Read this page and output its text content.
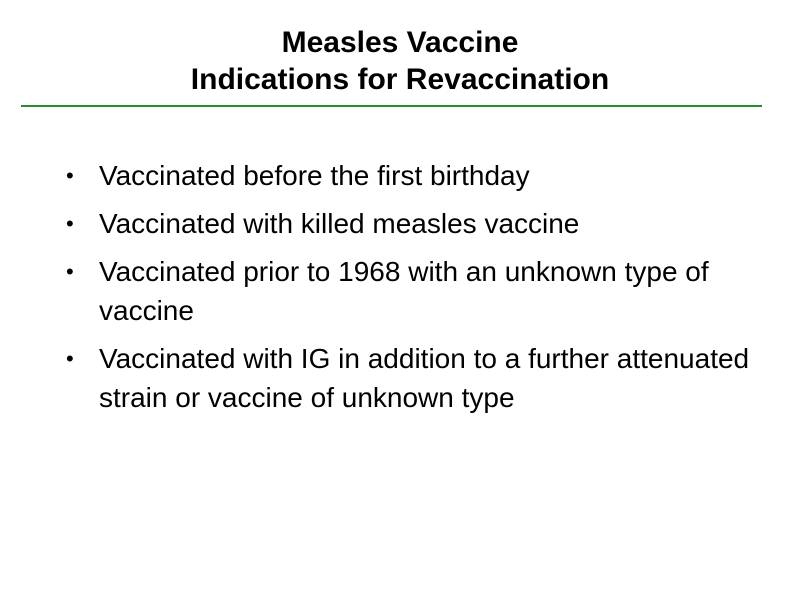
Measles Vaccine
Indications for Revaccination
• Vaccinated before the first birthday
• Vaccinated with killed measles vaccine
• Vaccinated prior to 1968 with an unknown type of vaccine
• Vaccinated with IG in addition to a further attenuated strain or vaccine of unknown type
